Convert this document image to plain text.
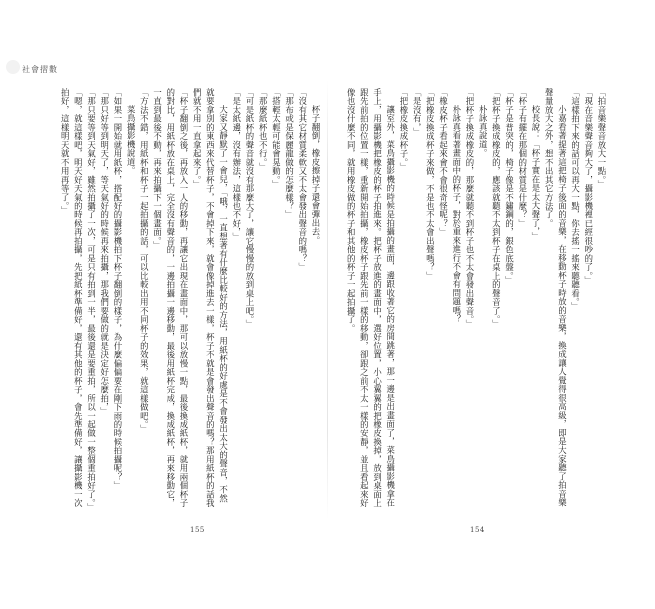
社會摺數

杯子翻倒，橡皮擦掉子還會彈出去。

「沒有其它材質柔軟又不太會發出聲音的嗎？」

「那布或是保麗龍做的怎麼樣？」

「搭輕太輕可能會晃動。」

「那麼紙杯也不行。」

「可是紙杯的聲音就沒有那麼大了，讓它慢慢的放到桌上吧。」

「是太紙邊，沒有辦法，這樣也不好，」

大家又靜默了一會兒，「哦，一直想著有什麼比較好的方法，用紙杯的好處是不會發出太大的聲音，不然就要拿別的東西來代替杯子，不會掉下來，就會像掉進去一樣，杯子不就是會發出聲音的嗎？那用紙杯的話我們就不用一直拿起來了。」

「杯子翻倒之後，再放入一人的移動，再讓它出現在畫面中，那可以放慢一點，最後換成紙杯，就用兩個杯子的對比，用紙杯放在桌上，完全沒有聲音的，一邊拍攝一邊移動，最後用紙杯完成，換成紙杯，再來移動它，一直到最後不動，再來拍攝下一個畫面。」

「方法不錯，用紙杯和杯子一起拍攝的話，可以比較出用不同杯子的效果，就這樣做吧。」

菜鳥攝影機說道。

「如果一開始就用紙杯，搭配好的攝影機拍下杯子翻倒的樣子，為什麼偏偏要在剛下雨的時候拍攝呢？」

「那只好等到明天了，等天氣好的時候再來拍攝，那我們要做的就是決定好怎麼拍，」

「那只要等到天氣好，雖然拍攝了一次，可是只有拍到一半，最後還是要重拍，所以一起做一整個重拍好了。」

「嗯，就這樣吧，明天好天氣的時候再拍攝，先把紙杯準備好，還有其他的杯子，會先準備好，讓攝影機一次拍好，這樣明天就不用再等了。」	「拍音樂聲音放大一點。」

「現在音樂聲音夠大了，攝影機裡已經很吵的了。」

「這樣拍下來的話可以再大一點，你去搖一搖來聽聽看。」

小嘉看著提著這把椅子後面的音樂，在移動杯子時放的音樂，換成讓人覺得很高級，即是大家聽了拍音樂聲量放大之外，想不出其它方法了。

校長說：「杯子實在是太大聲了，」

「杯子有擺在那個的材質是什麼？」

「杯子是普突的，椅子像是不鏽鋼的，銀色底盤。」

「把杯子換成橡皮的，應該就聽不太到杯子在桌上的聲音了。」

朴詠真說道。

「把杯子換成橡皮的，那麼就聽不到杯子也不太會發出聲音。」

朴詠真看著畫面中的杯子，對於重來進行不會有問題嗎？

「橡皮杯子看起來會不會很奇怪呢？」

「把橡皮換成杯子來做，不是也不太會出聲嗎？」

「是沒有，」

「把橡皮換成杯子。」

讓室外，菜鳥攝影機的時候是拍攝的畫面，邊跟收著它的房間跳著，那一邊是出畫面了，菜鳥攝影機拿在手上，用攝影機把橡皮的杯子拍進來。把杯子放進的畫面中，選好位置，小心翼翼的把橡皮換掉，放到桌面上跟先前拍的位置一樣，重新開始拍攝，橡皮杯子跟先前一樣的移動，卻跟之前不太一樣的安靜，並且看起來好像也沒什麼不同，就用橡皮做的杯子和其他的杯子一起拍攝了。

155	154
